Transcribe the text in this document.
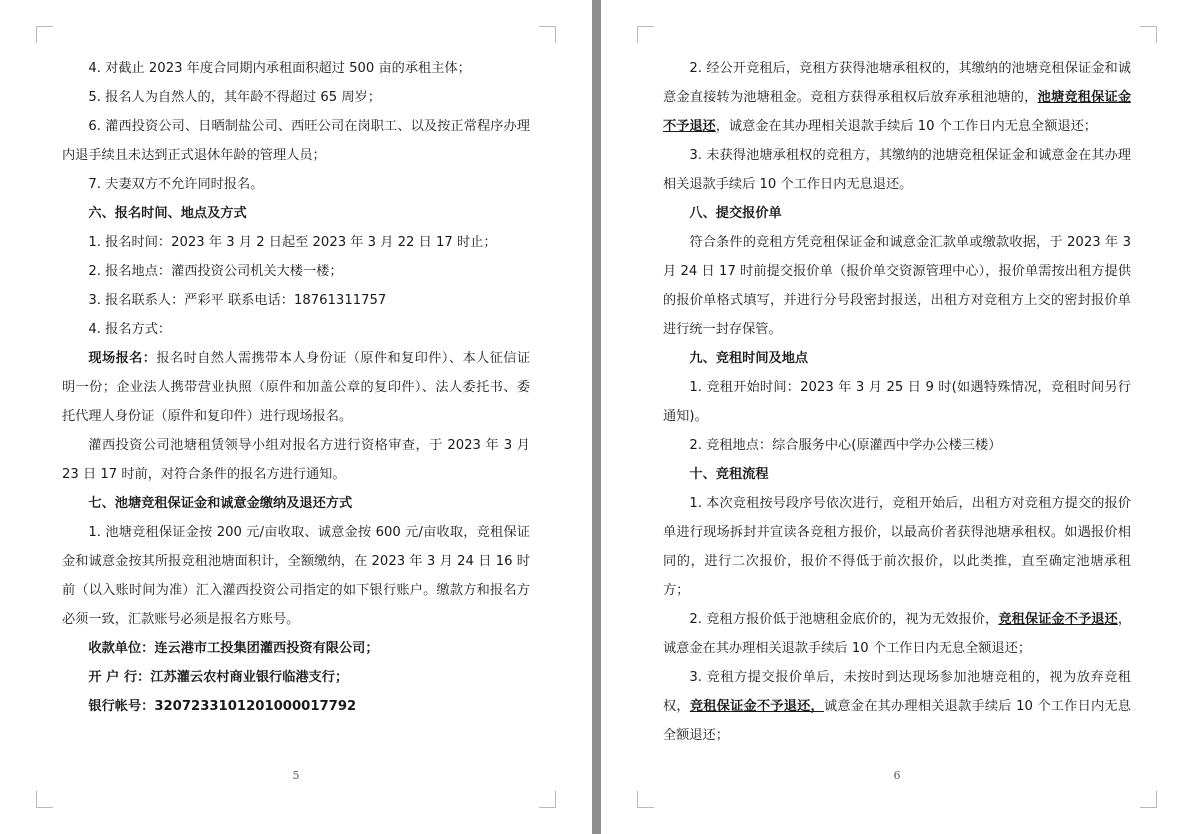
4. 对截止 2023 年度合同期内承租面积超过 500 亩的承租主体；

5. 报名人为自然人的，其年龄不得超过 65 周岁；

6. 灌西投资公司、日晒制盐公司、西旺公司在岗职工、以及按正常程序办理内退手续且未达到正式退休年龄的管理人员；

7. 夫妻双方不允许同时报名。

六、报名时间、地点及方式

1. 报名时间：2023 年 3 月 2 日起至 2023 年 3 月 22 日 17 时止；

2. 报名地点：灌西投资公司机关大楼一楼；

3. 报名联系人：严彩平 联系电话：18761311757

4. 报名方式：

现场报名：报名时自然人需携带本人身份证（原件和复印件）、本人征信证明一份；企业法人携带营业执照（原件和加盖公章的复印件）、法人委托书、委托代理人身份证（原件和复印件）进行现场报名。

灌西投资公司池塘租赁领导小组对报名方进行资格审查，于 2023 年 3 月 23 日 17 时前，对符合条件的报名方进行通知。

七、池塘竞租保证金和诚意金缴纳及退还方式

1. 池塘竞租保证金按 200 元/亩收取、诚意金按 600 元/亩收取，竞租保证金和诚意金按其所报竞租池塘面积计，全额缴纳，在 2023 年 3 月 24 日 16 时前（以入账时间为准）汇入灌西投资公司指定的如下银行账户。缴款方和报名方必须一致，汇款账号必须是报名方账号。

收款单位：连云港市工投集团灌西投资有限公司；

开 户 行：江苏灌云农村商业银行临港支行；

银行帐号：3207233101201000017792

5

2. 经公开竞租后，竞租方获得池塘承租权的，其缴纳的池塘竞租保证金和诚意金直接转为池塘租金。竞租方获得承租权后放弃承租池塘的，池塘竞租保证金不予退还，诚意金在其办理相关退款手续后 10 个工作日内无息全额退还；

3. 未获得池塘承租权的竞租方，其缴纳的池塘竞租保证金和诚意金在其办理相关退款手续后 10 个工作日内无息退还。

八、提交报价单

符合条件的竞租方凭竞租保证金和诚意金汇款单或缴款收据，于 2023 年 3 月 24 日 17 时前提交报价单（报价单交资源管理中心），报价单需按出租方提供的报价单格式填写，并进行分号段密封报送，出租方对竞租方上交的密封报价单进行统一封存保管。

九、竞租时间及地点

1. 竞租开始时间：2023 年 3 月 25 日 9 时(如遇特殊情况，竞租时间另行通知)。

2. 竞租地点：综合服务中心(原灌西中学办公楼三楼）

十、竞租流程

1. 本次竞租按号段序号依次进行，竞租开始后，出租方对竞租方提交的报价单进行现场拆封并宣读各竞租方报价，以最高价者获得池塘承租权。如遇报价相同的，进行二次报价，报价不得低于前次报价，以此类推，直至确定池塘承租方；

2. 竞租方报价低于池塘租金底价的，视为无效报价，竞租保证金不予退还，诚意金在其办理相关退款手续后 10 个工作日内无息全额退还；

3. 竞租方提交报价单后，未按时到达现场参加池塘竞租的，视为放弃竞租权，竞租保证金不予退还，诚意金在其办理相关退款手续后 10 个工作日内无息全额退还；

6
